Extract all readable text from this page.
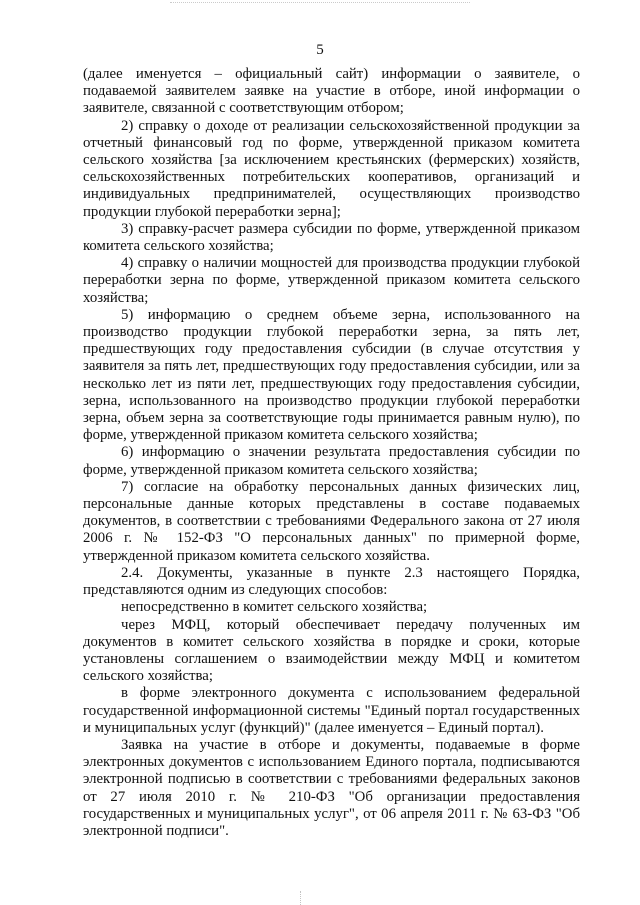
5

(далее именуется – официальный сайт) информации о заявителе, о подаваемой заявителем заявке на участие в отборе, иной информации о заявителе, связанной с соответствующим отбором;

2) справку о доходе от реализации сельскохозяйственной продукции за отчетный финансовый год по форме, утвержденной приказом комитета сельского хозяйства [за исключением крестьянских (фермерских) хозяйств, сельскохозяйственных потребительских кооперативов, организаций и индивидуальных предпринимателей, осуществляющих производство продукции глубокой переработки зерна];

3) справку-расчет размера субсидии по форме, утвержденной приказом комитета сельского хозяйства;

4) справку о наличии мощностей для производства продукции глубокой переработки зерна по форме, утвержденной приказом комитета сельского хозяйства;

5) информацию о среднем объеме зерна, использованного на производство продукции глубокой переработки зерна, за пять лет, предшествующих году предоставления субсидии (в случае отсутствия у заявителя за пять лет, предшествующих году предоставления субсидии, или за несколько лет из пяти лет, предшествующих году предоставления субсидии, зерна, использованного на производство продукции глубокой переработки зерна, объем зерна за соответствующие годы принимается равным нулю), по форме, утвержденной приказом комитета сельского хозяйства;

6) информацию о значении результата предоставления субсидии по форме, утвержденной приказом комитета сельского хозяйства;

7) согласие на обработку персональных данных физических лиц, персональные данные которых представлены в составе подаваемых документов, в соответствии с требованиями Федерального закона от 27 июля 2006 г. № 152-ФЗ "О персональных данных" по примерной форме, утвержденной приказом комитета сельского хозяйства.

2.4. Документы, указанные в пункте 2.3 настоящего Порядка, представляются одним из следующих способов:

непосредственно в комитет сельского хозяйства;

через МФЦ, который обеспечивает передачу полученных им документов в комитет сельского хозяйства в порядке и сроки, которые установлены соглашением о взаимодействии между МФЦ и комитетом сельского хозяйства;

в форме электронного документа с использованием федеральной государственной информационной системы "Единый портал государственных и муниципальных услуг (функций)" (далее именуется – Единый портал).

Заявка на участие в отборе и документы, подаваемые в форме электронных документов с использованием Единого портала, подписываются электронной подписью в соответствии с требованиями федеральных законов от 27 июля 2010 г. № 210-ФЗ "Об организации предоставления государственных и муниципальных услуг", от 06 апреля 2011 г. № 63-ФЗ "Об электронной подписи".
